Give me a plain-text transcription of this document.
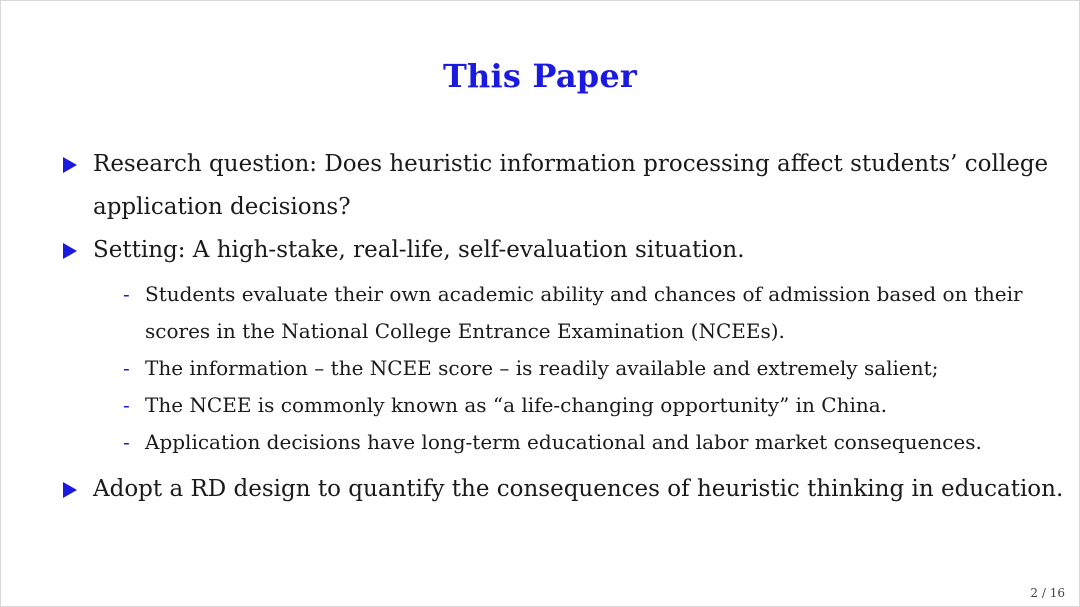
This Paper
Research question: Does heuristic information processing affect students’ college
application decisions?
Setting: A high-stake, real-life, self-evaluation situation.
- Students evaluate their own academic ability and chances of admission based on their
scores in the National College Entrance Examination (NCEEs).
- The information – the NCEE score – is readily available and extremely salient;
- The NCEE is commonly known as “a life-changing opportunity” in China.
- Application decisions have long-term educational and labor market consequences.
Adopt a RD design to quantify the consequences of heuristic thinking in education.
2 / 16
